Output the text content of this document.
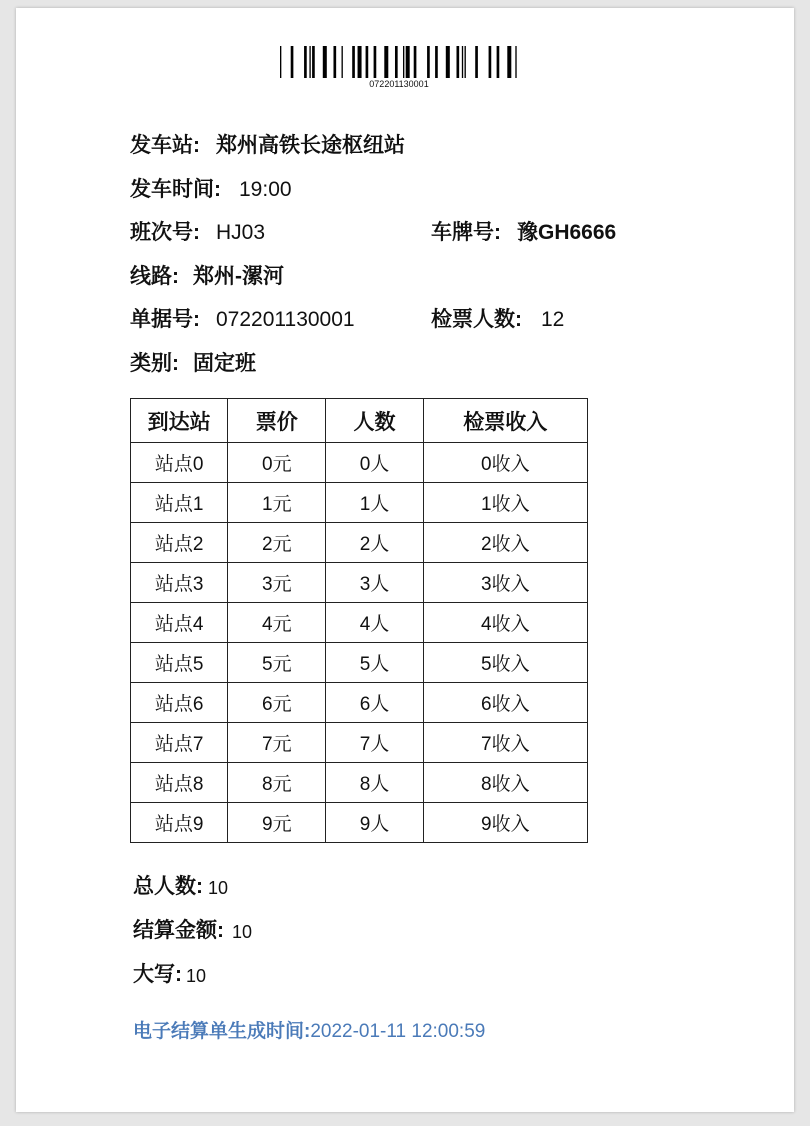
072201130001
发车站: 郑州高铁长途枢纽站
发车时间: 19:00
班次号: HJ03	车牌号: 豫GH6666
线路: 郑州-漯河
单据号: 072201130001	检票人数: 12
类别: 固定班
到达站	票价	人数	检票收入
站点0	0元	0人	0收入
站点1	1元	1人	1收入
站点2	2元	2人	2收入
站点3	3元	3人	3收入
站点4	4元	4人	4收入
站点5	5元	5人	5收入
站点6	6元	6人	6收入
站点7	7元	7人	7收入
站点8	8元	8人	8收入
站点9	9元	9人	9收入
总人数: 10
结算金额: 10
大写: 10
电子结算单生成时间:2022-01-11 12:00:59
